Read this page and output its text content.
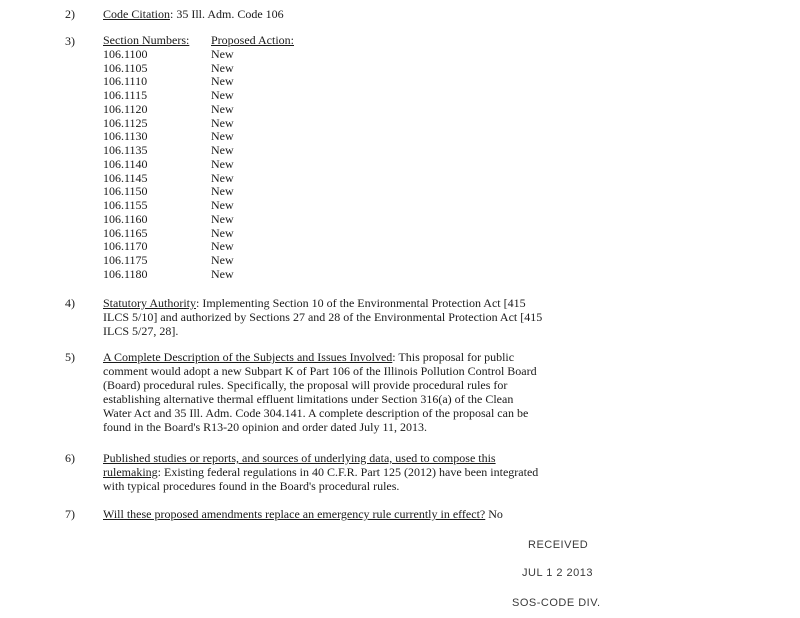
2) Code Citation: 35 Ill. Adm. Code 106
3) Section Numbers:	Proposed Action:
106.1100	New
106.1105	New
106.1110	New
106.1115	New
106.1120	New
106.1125	New
106.1130	New
106.1135	New
106.1140	New
106.1145	New
106.1150	New
106.1155	New
106.1160	New
106.1165	New
106.1170	New
106.1175	New
106.1180	New
4) Statutory Authority: Implementing Section 10 of the Environmental Protection Act [415 ILCS 5/10] and authorized by Sections 27 and 28 of the Environmental Protection Act [415 ILCS 5/27, 28].
5) A Complete Description of the Subjects and Issues Involved: This proposal for public comment would adopt a new Subpart K of Part 106 of the Illinois Pollution Control Board (Board) procedural rules. Specifically, the proposal will provide procedural rules for establishing alternative thermal effluent limitations under Section 316(a) of the Clean Water Act and 35 Ill. Adm. Code 304.141. A complete description of the proposal can be found in the Board's R13-20 opinion and order dated July 11, 2013.
6) Published studies or reports, and sources of underlying data, used to compose this rulemaking: Existing federal regulations in 40 C.F.R. Part 125 (2012) have been integrated with typical procedures found in the Board's procedural rules.
7) Will these proposed amendments replace an emergency rule currently in effect? No
RECEIVED
JUL 1 2 2013
SOS-CODE DIV.
